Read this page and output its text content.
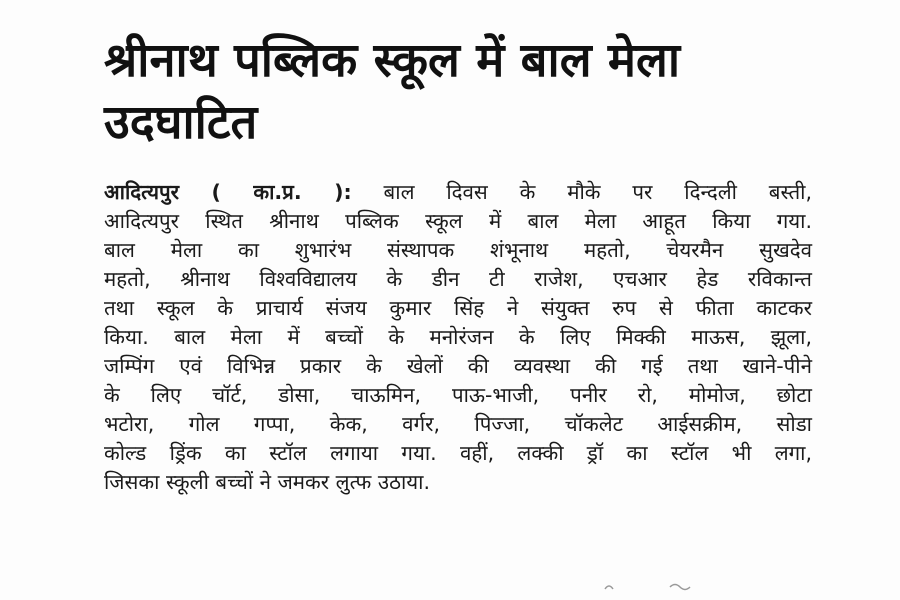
श्रीनाथ पब्लिक स्कूल में बाल मेला
उदघाटित
आदित्यपुर ( का.प्र. ): बाल दिवस के मौके पर दिन्दली बस्ती,
आदित्यपुर स्थित श्रीनाथ पब्लिक स्कूल में बाल मेला आहूत किया गया.
बाल मेला का शुभारंभ संस्थापक शंभूनाथ महतो, चेयरमैन सुखदेव
महतो, श्रीनाथ विश्वविद्यालय के डीन टी राजेश, एचआर हेड रविकान्त
तथा स्कूल के प्राचार्य संजय कुमार सिंह ने संयुक्त रुप से फीता काटकर
किया. बाल मेला में बच्चों के मनोरंजन के लिए मिक्की माऊस, झूला,
जम्पिंग एवं विभिन्न प्रकार के खेलों की व्यवस्था की गई तथा खाने-पीने
के लिए चॉर्ट, डोसा, चाऊमिन, पाऊ-भाजी, पनीर रो, मोमोज, छोटा
भटोरा, गोल गप्पा, केक, वर्गर, पिज्जा, चॉकलेट आईसक्रीम, सोडा
कोल्ड ड्रिंक का स्टॉल लगाया गया. वहीं, लक्की ड्रॉ का स्टॉल भी लगा,
जिसका स्कूली बच्चों ने जमकर लुत्फ उठाया.
